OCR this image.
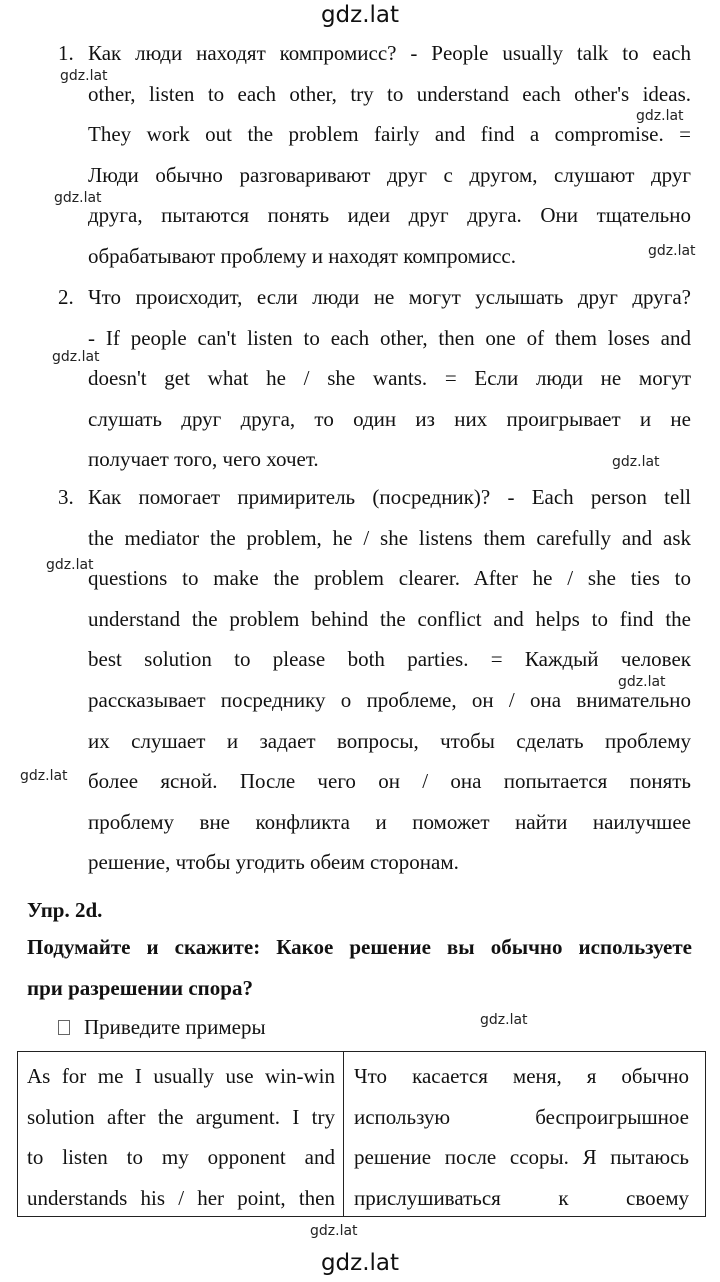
gdz.lat
gdz.lat
gdz.lat
gdz.lat
gdz.lat
gdz.lat
gdz.lat
gdz.lat
gdz.lat
gdz.lat
gdz.lat
gdz.lat
1. Как люди находят компромисс? - People usually talk to each
other, listen to each other, try to understand each other's ideas.
They work out the problem fairly and find a compromise. =
Люди обычно разговаривают друг с другом, слушают друг
друга, пытаются понять идеи друг друга. Они тщательно
обрабатывают проблему и находят компромисс.
2. Что происходит, если люди не могут услышать друг друга?
- If people can't listen to each other, then one of them loses and
doesn't get what he / she wants. = Если люди не могут
слушать друг друга, то один из них проигрывает и не
получает того, чего хочет.
3. Как помогает примиритель (посредник)? - Each person tell
the mediator the problem, he / she listens them carefully and ask
questions to make the problem clearer. After he / she ties to
understand the problem behind the conflict and helps to find the
best solution to please both parties. = Каждый человек
рассказывает посреднику о проблеме, он / она внимательно
их слушает и задает вопросы, чтобы сделать проблему
более ясной. После чего он / она попытается понять
проблему вне конфликта и поможет найти наилучшее
решение, чтобы угодить обеим сторонам.
Упр. 2d.
Подумайте и скажите: Какое решение вы обычно используете
при разрешении спора?
Приведите примеры
As for me I usually use win-win
solution after the argument. I try
to listen to my opponent and
understands his / her point, then
Что касается меня, я обычно
использую беспроигрышное
решение после ссоры. Я пытаюсь
прислушиваться к своему
gdz.lat
